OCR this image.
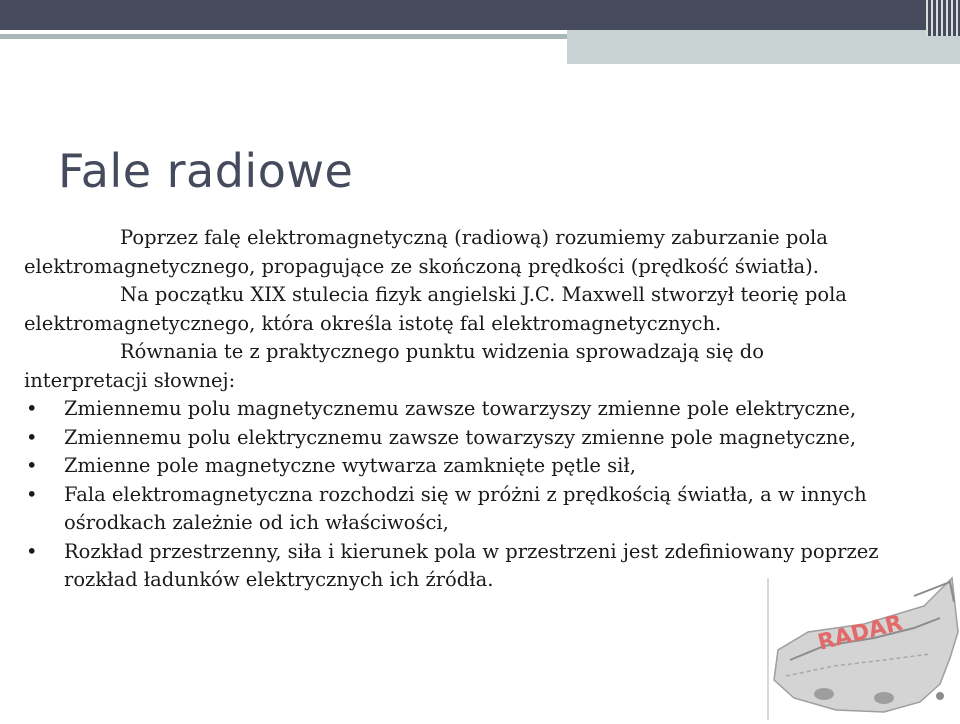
Fale radiowe

Poprzez falę elektromagnetyczną (radiową) rozumiemy zaburzanie pola
elektromagnetycznego, propagujące ze skończoną prędkości (prędkość światła).

Na początku XIX stulecia fizyk angielski J.C. Maxwell stworzył teorię pola
elektromagnetycznego, która określa istotę fal elektromagnetycznych.

Równania te z praktycznego punktu widzenia sprowadzają się do
interpretacji słownej:

• Zmiennemu polu magnetycznemu zawsze towarzyszy zmienne pole elektryczne,
• Zmiennemu polu elektrycznemu zawsze towarzyszy zmienne pole magnetyczne,
• Zmienne pole magnetyczne wytwarza zamknięte pętle sił,
• Fala elektromagnetyczna rozchodzi się w próżni z prędkością światła, a w innych ośrodkach zależnie od ich właściwości,
• Rozkład przestrzenny, siła i kierunek pola w przestrzeni jest zdefiniowany poprzez rozkład ładunków elektrycznych ich źródła.
RADAR
